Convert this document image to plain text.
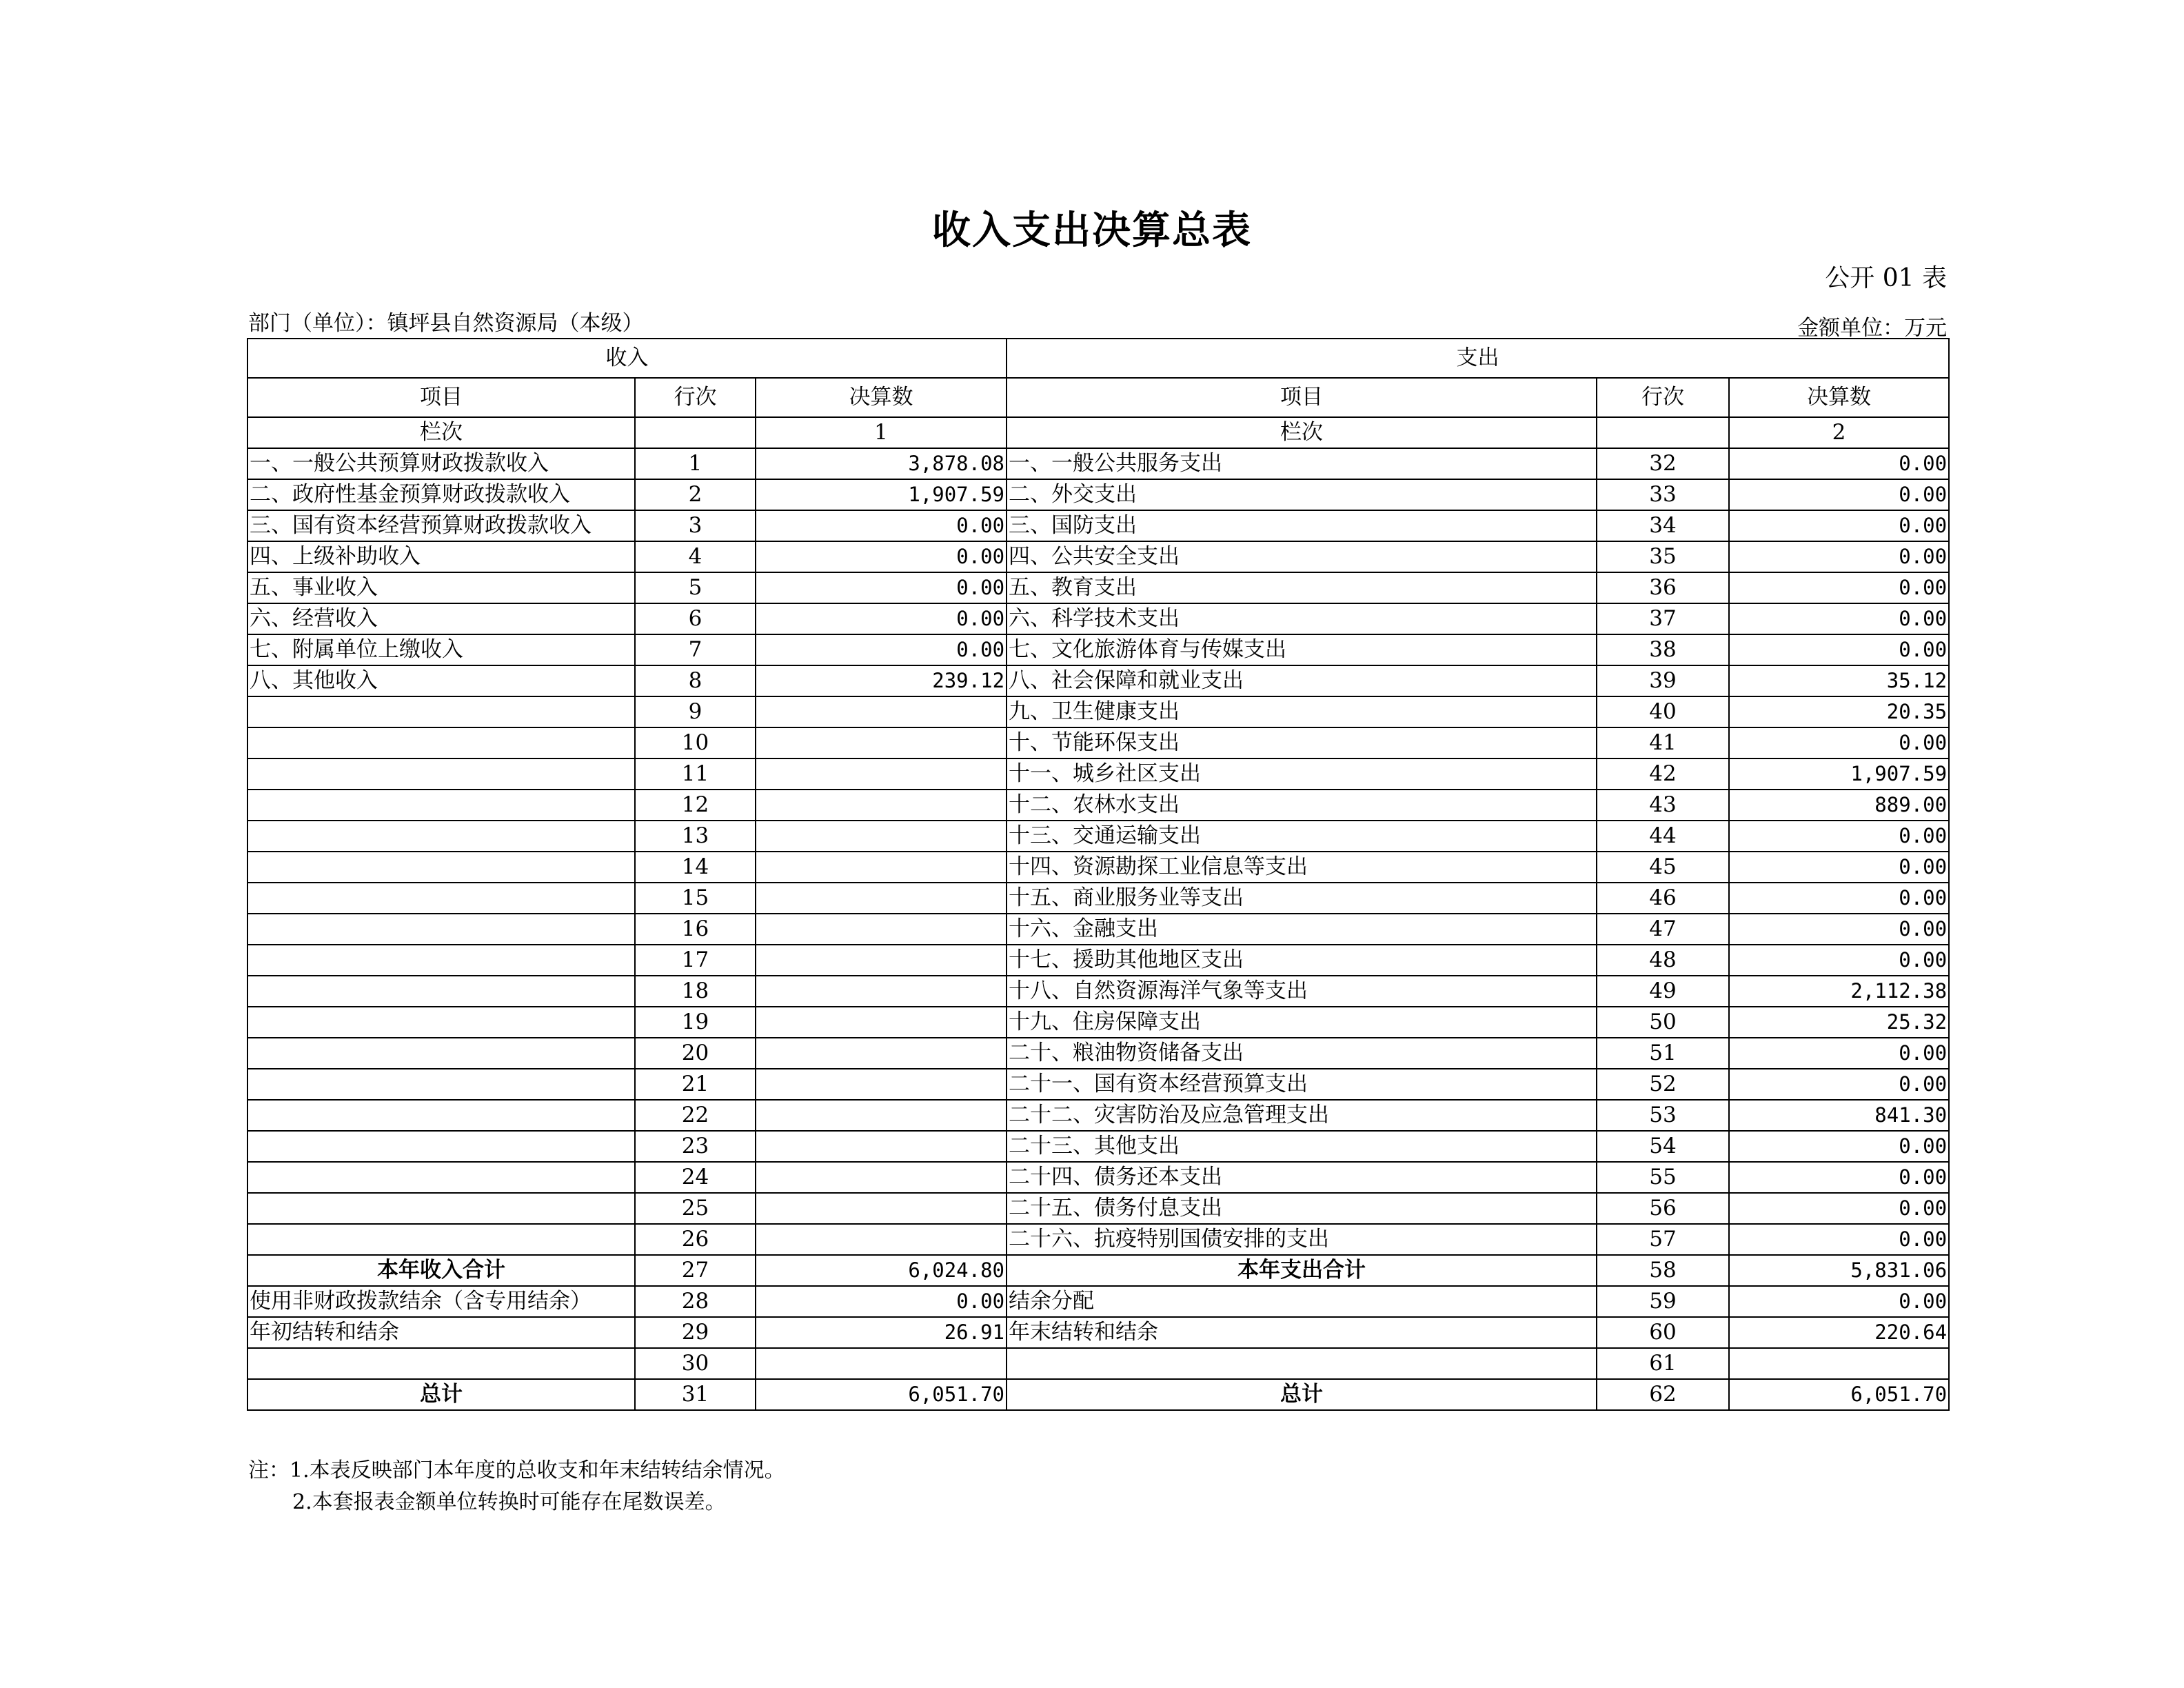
收入支出决算总表
公开 01 表
部门（单位）：镇坪县自然资源局（本级）	金额单位：万元
收入			支出		
项目	行次	决算数	项目	行次	决算数
栏次		1	栏次		2
一、一般公共预算财政拨款收入	1	3,878.08	一、一般公共服务支出	32	0.00
二、政府性基金预算财政拨款收入	2	1,907.59	二、外交支出	33	0.00
三、国有资本经营预算财政拨款收入	3	0.00	三、国防支出	34	0.00
四、上级补助收入	4	0.00	四、公共安全支出	35	0.00
五、事业收入	5	0.00	五、教育支出	36	0.00
六、经营收入	6	0.00	六、科学技术支出	37	0.00
七、附属单位上缴收入	7	0.00	七、文化旅游体育与传媒支出	38	0.00
八、其他收入	8	239.12	八、社会保障和就业支出	39	35.12
	9		九、卫生健康支出	40	20.35
	10		十、节能环保支出	41	0.00
	11		十一、城乡社区支出	42	1,907.59
	12		十二、农林水支出	43	889.00
	13		十三、交通运输支出	44	0.00
	14		十四、资源勘探工业信息等支出	45	0.00
	15		十五、商业服务业等支出	46	0.00
	16		十六、金融支出	47	0.00
	17		十七、援助其他地区支出	48	0.00
	18		十八、自然资源海洋气象等支出	49	2,112.38
	19		十九、住房保障支出	50	25.32
	20		二十、粮油物资储备支出	51	0.00
	21		二十一、国有资本经营预算支出	52	0.00
	22		二十二、灾害防治及应急管理支出	53	841.30
	23		二十三、其他支出	54	0.00
	24		二十四、债务还本支出	55	0.00
	25		二十五、债务付息支出	56	0.00
	26		二十六、抗疫特别国债安排的支出	57	0.00
本年收入合计	27	6,024.80	本年支出合计	58	5,831.06
使用非财政拨款结余（含专用结余）	28	0.00	结余分配	59	0.00
年初结转和结余	29	26.91	年末结转和结余	60	220.64
	30			61	
总计	31	6,051.70	总计	62	6,051.70
注：1.本表反映部门本年度的总收支和年末结转结余情况。
2.本套报表金额单位转换时可能存在尾数误差。
